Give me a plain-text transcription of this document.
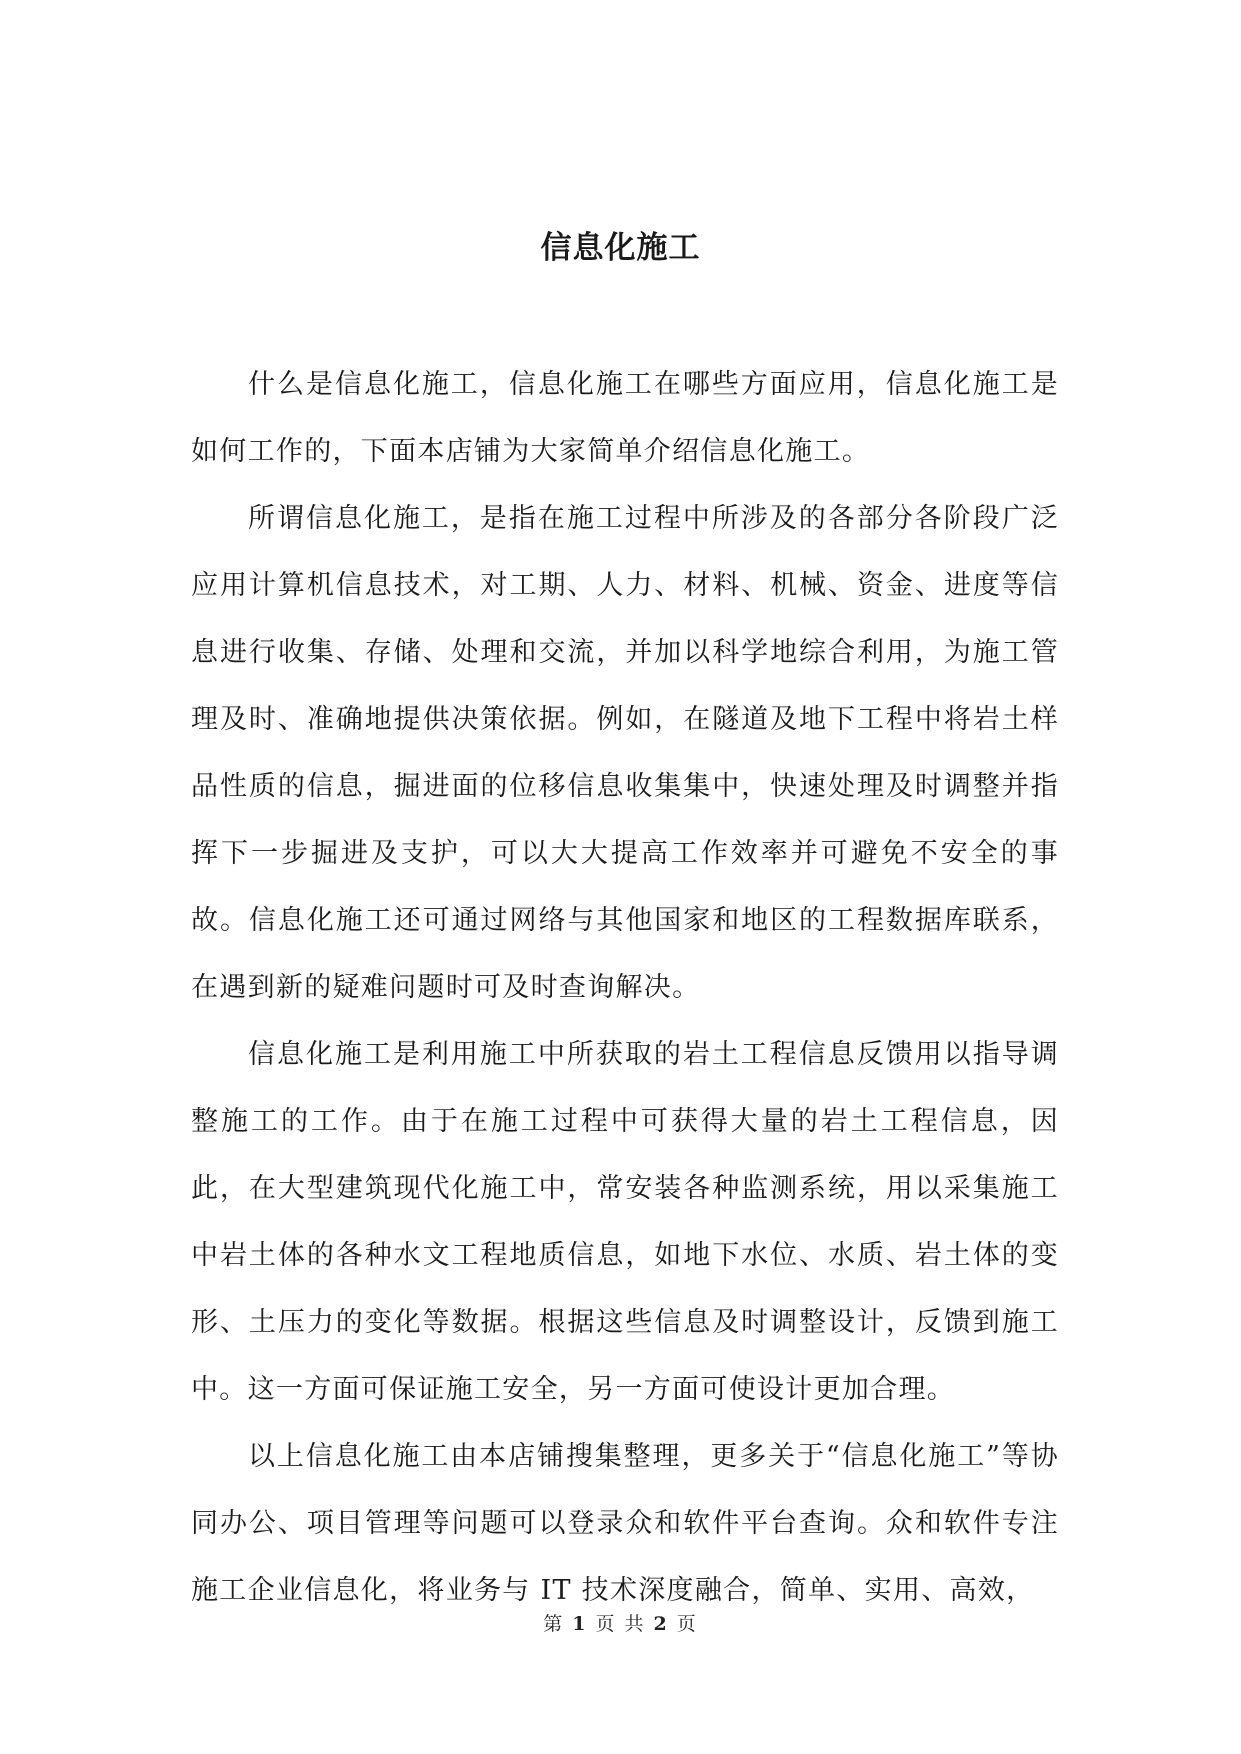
信息化施工

什么是信息化施工，信息化施工在哪些方面应用，信息化施工是如何工作的，下面本店铺为大家简单介绍信息化施工。

所谓信息化施工，是指在施工过程中所涉及的各部分各阶段广泛应用计算机信息技术，对工期、人力、材料、机械、资金、进度等信息进行收集、存储、处理和交流，并加以科学地综合利用，为施工管理及时、准确地提供决策依据。例如，在隧道及地下工程中将岩土样品性质的信息，掘进面的位移信息收集集中，快速处理及时调整并指挥下一步掘进及支护，可以大大提高工作效率并可避免不安全的事故。信息化施工还可通过网络与其他国家和地区的工程数据库联系，在遇到新的疑难问题时可及时查询解决。

信息化施工是利用施工中所获取的岩土工程信息反馈用以指导调整施工的工作。由于在施工过程中可获得大量的岩土工程信息，因此，在大型建筑现代化施工中，常安装各种监测系统，用以采集施工中岩土体的各种水文工程地质信息，如地下水位、水质、岩土体的变形、土压力的变化等数据。根据这些信息及时调整设计，反馈到施工中。这一方面可保证施工安全，另一方面可使设计更加合理。

以上信息化施工由本店铺搜集整理，更多关于“信息化施工”等协同办公、项目管理等问题可以登录众和软件平台查询。众和软件专注施工企业信息化，将业务与 IT 技术深度融合，简单、实用、高效，

第 1 页 共 2 页
